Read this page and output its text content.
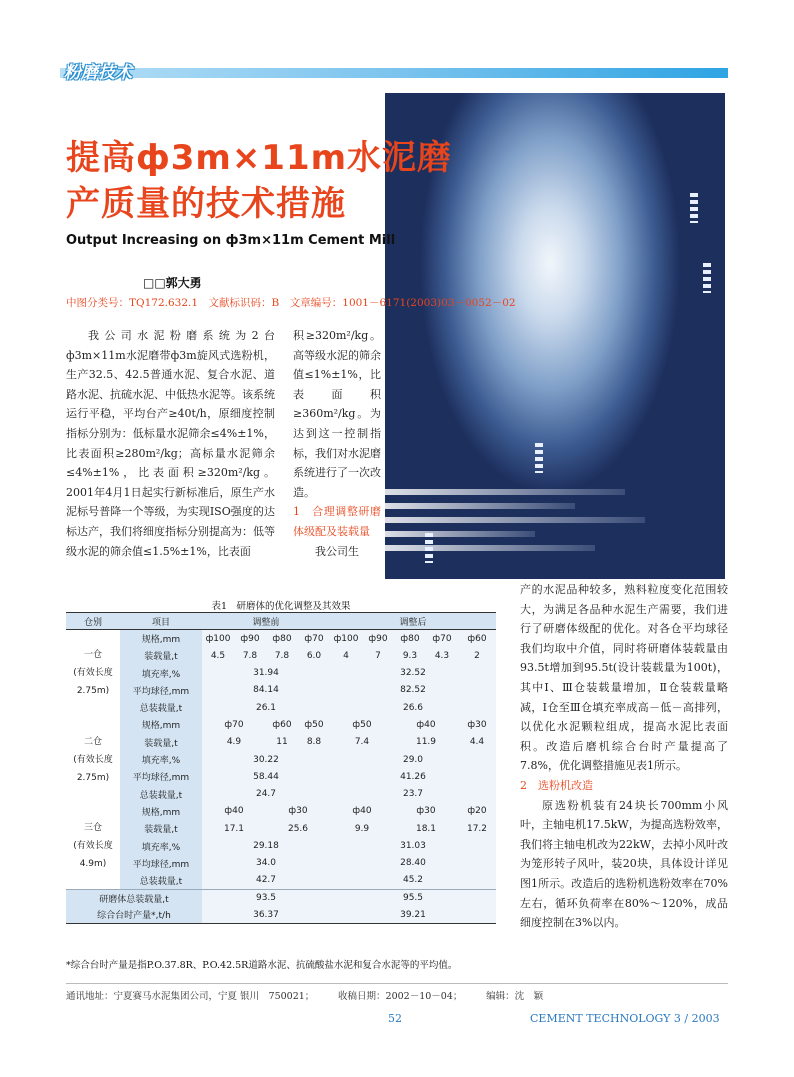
粉磨技术
提高ф3m×11m水泥磨
产质量的技术措施
Output Increasing on ф3m×11m Cement Mill
□□郭大勇
中图分类号：TQ172.632.1　文献标识码：B　文章编号：1001－6171(2003)03－0052－02

我公司水泥粉磨系统为2台ф3m×11m水泥磨带ф3m旋风式选粉机，生产32.5、42.5普通水泥、复合水泥、道路水泥、抗硫水泥、中低热水泥等。该系统运行平稳，平均台产≥40t/h，原细度控制指标分别为：低标量水泥筛余≤4%±1%，比表面积≥280m²/kg；高标量水泥筛余≤4%±1%，比表面积≥320m²/kg。2001年4月1日起实行新标准后，原生产水泥标号普降一个等级，为实现ISO强度的达标达产，我们将细度指标分别提高为：低等级水泥的筛余值≤1.5%±1%，比表面

积≥320m²/kg。高等级水泥的筛余值≤1%±1%，比表面积≥360m²/kg。为达到这一控制指标，我们对水泥磨系统进行了一次改造。

1　合理调整研磨体级配及装载量

我公司生

产的水泥品种较多，熟料粒度变化范围较大，为满足各品种水泥生产需要，我们进行了研磨体级配的优化。对各仓平均球径我们均取中介值，同时将研磨体装载量由93.5t增加到95.5t(设计装载量为100t)，其中Ⅰ、Ⅲ仓装载量增加，Ⅱ仓装载量略减，Ⅰ仓至Ⅲ仓填充率成高－低－高排列，以优化水泥颗粒组成，提高水泥比表面积。改造后磨机综合台时产量提高了7.8%，优化调整措施见表1所示。

2　选粉机改造

原选粉机装有24块长700mm小风叶，主轴电机17.5kW，为提高选粉效率，我们将主轴电机改为22kW，去掉小风叶改为笼形转子风叶，装20块，具体设计详见图1所示。改造后的选粉机选粉效率在70%左右，循环负荷率在80%～120%，成品细度控制在3%以内。

表1　研磨体的优化调整及其效果
仓别	项目	调整前				调整后				
一仓
(有效长度
2.75m)	规格,mm	ф100	ф90	ф80	ф70	ф100	ф90	ф80	ф70	ф60
	装载量,t	4.5	7.8	7.8	6.0	4	7	9.3	4.3	2
	填充率,%	31.94				32.52				
	平均球径,mm	84.14				82.52				
	总装载量,t	26.1				26.6				
二仓
(有效长度
2.75m)	规格,mm	ф70		ф60	ф50	ф50		ф40		ф30
	装载量,t	4.9		11	8.8	7.4		11.9		4.4
	填充率,%	30.22				29.0				
	平均球径,mm	58.44				41.26				
	总装载量,t	24.7				23.7				
三仓
(有效长度
4.9m)	规格,mm	ф40		ф30		ф40		ф30		ф20
	装载量,t	17.1		25.6		9.9		18.1		17.2
	填充率,%	29.18				31.03				
	平均球径,mm	34.0				28.40				
	总装载量,t	42.7				45.2				
研磨体总装载量,t		93.5				95.5				
综合台时产量*,t/h		36.37				39.21				
*综合台时产量是指P.O.37.8R、P.O.42.5R道路水泥、抗硫酸盐水泥和复合水泥等的平均值。
通讯地址：宁夏赛马水泥集团公司，宁夏 银川　750021；　　　收稿日期：2002－10－04；　　　编辑：沈　颖
52	CEMENT TECHNOLOGY 3 / 2003
